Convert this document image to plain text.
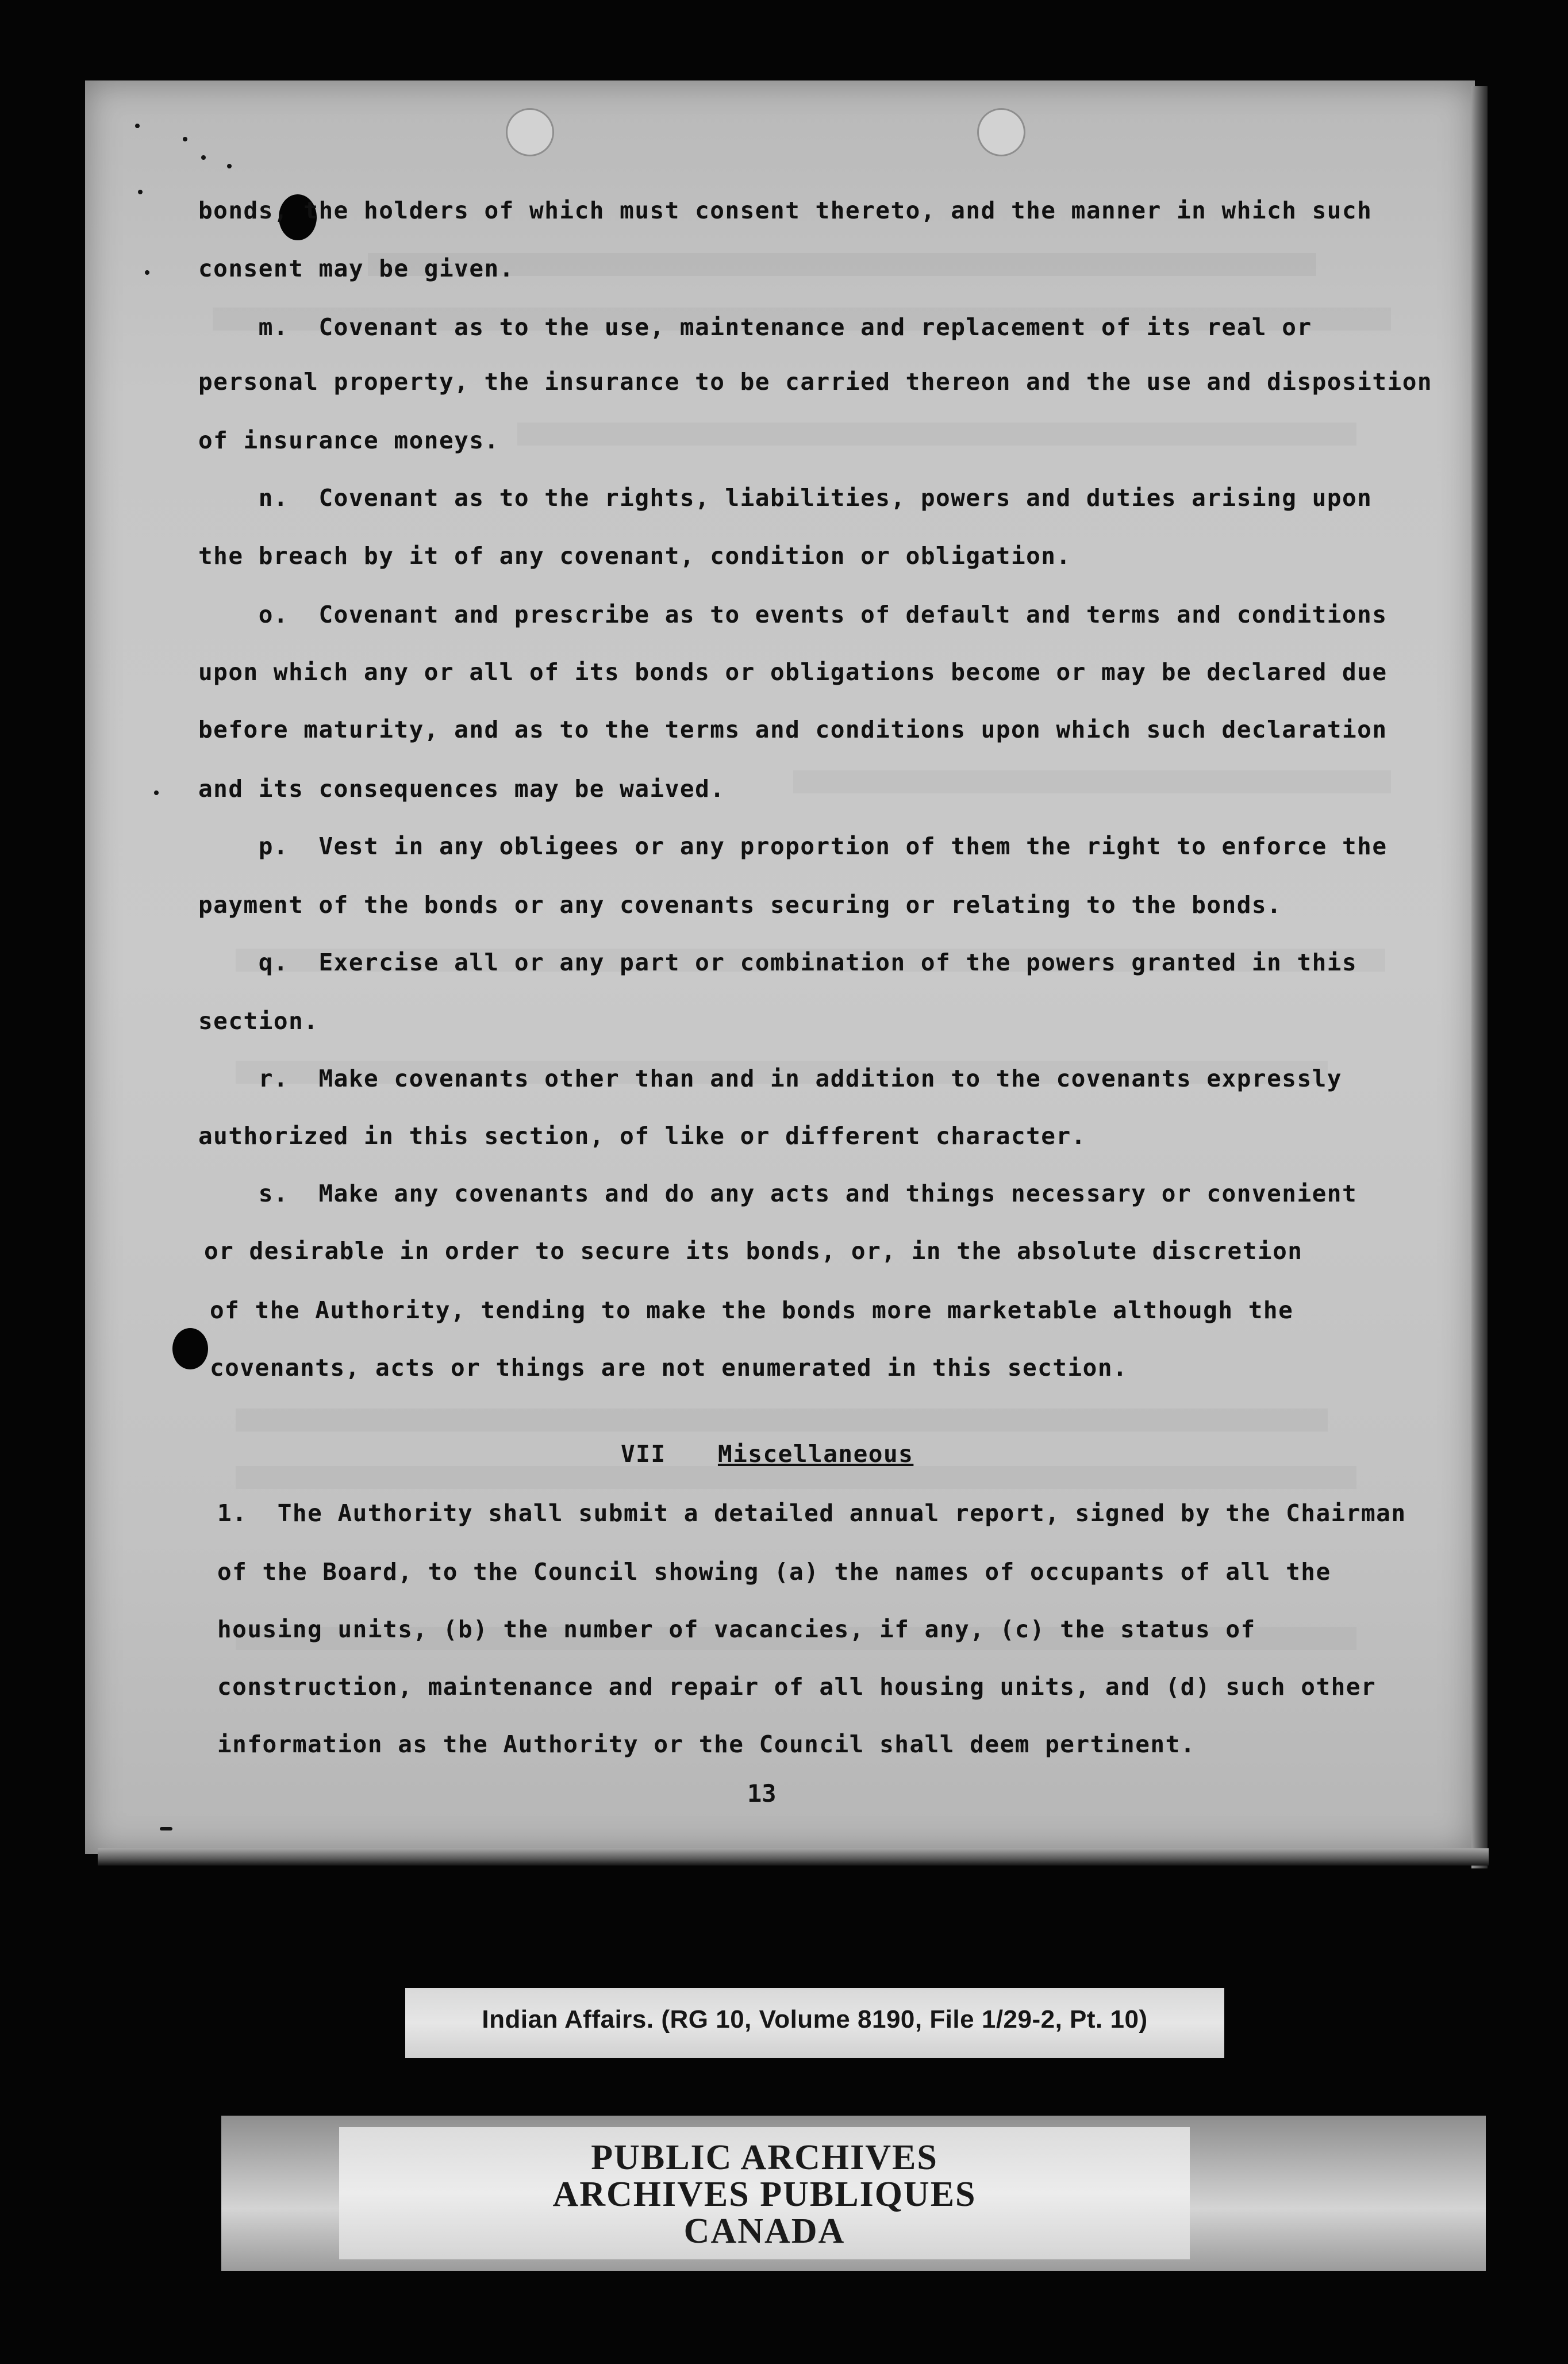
bonds, the holders of which must consent thereto, and the manner in which such
consent may be given.
m.  Covenant as to the use, maintenance and replacement of its real or
personal property, the insurance to be carried thereon and the use and disposition
of insurance moneys.
n.  Covenant as to the rights, liabilities, powers and duties arising upon
the breach by it of any covenant, condition or obligation.
o.  Covenant and prescribe as to events of default and terms and conditions
upon which any or all of its bonds or obligations become or may be declared due
before maturity, and as to the terms and conditions upon which such declaration
and its consequences may be waived.
p.  Vest in any obligees or any proportion of them the right to enforce the
payment of the bonds or any covenants securing or relating to the bonds.
q.  Exercise all or any part or combination of the powers granted in this
section.
r.  Make covenants other than and in addition to the covenants expressly
authorized in this section, of like or different character.
s.  Make any covenants and do any acts and things necessary or convenient
or desirable in order to secure its bonds, or, in the absolute discretion
of the Authority, tending to make the bonds more marketable although the
covenants, acts or things are not enumerated in this section.
VII Miscellaneous
1.  The Authority shall submit a detailed annual report, signed by the Chairman
of the Board, to the Council showing (a) the names of occupants of all the
housing units, (b) the number of vacancies, if any, (c) the status of
construction, maintenance and repair of all housing units, and (d) such other
information as the Authority or the Council shall deem pertinent.
13
Indian Affairs. (RG 10, Volume 8190, File 1/29-2, Pt. 10)
PUBLIC ARCHIVES
ARCHIVES PUBLIQUES
CANADA
